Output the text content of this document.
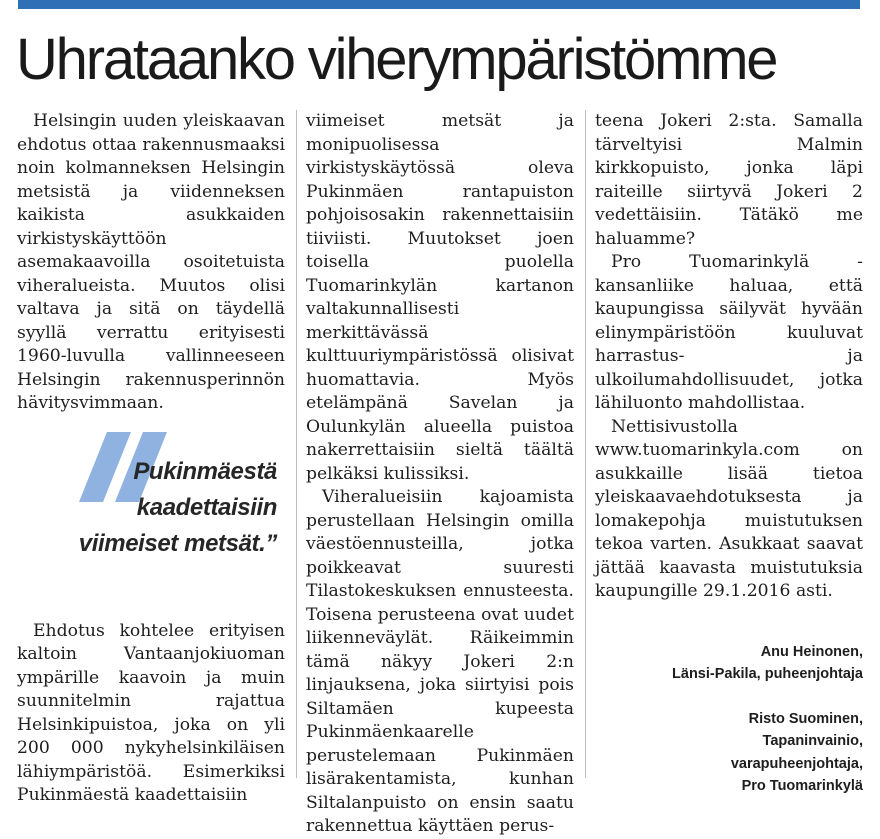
Uhrataanko viherympäristömme

Helsingin uuden yleiskaavan ehdotus ottaa rakennusmaaksi noin kolmanneksen Helsingin metsistä ja viidenneksen kaikista asukkaiden virkistyskäyttöön asemakaavoilla osoitetuista viheralueista. Muutos olisi valtava ja sitä on täydellä syyllä verrattu erityisesti 1960-luvulla vallinneeseen Helsingin rakennusperinnön hävitysvimmaan.

Pukinmäestä
kaadettaisiin
viimeiset metsät.”

Ehdotus kohtelee erityisen kaltoin Vantaanjokiuoman ympärille kaavoin ja muin suunnitelmin rajattua Helsinkipuistoa, joka on yli 200 000 nykyhelsinkiläisen lähiympäristöä. Esimerkiksi Pukinmäestä kaadettaisiin

viimeiset metsät ja monipuolisessa virkistyskäytössä oleva Pukinmäen rantapuiston pohjoisosakin rakennettaisiin tiiviisti. Muutokset joen toisella puolella Tuomarinkylän kartanon valtakunnallisesti merkittävässä kulttuuriympäristössä olisivat huomattavia. Myös etelämpänä Savelan ja Oulunkylän alueella puistoa nakerrettaisiin sieltä täältä pelkäksi kulissiksi.

Viheralueisiin kajoamista perustellaan Helsingin omilla väestöennusteilla, jotka poikkeavat suuresti Tilastokeskuksen ennusteesta. Toisena perusteena ovat uudet liikenneväylät. Räikeimmin tämä näkyy Jokeri 2:n linjauksena, joka siirtyisi pois Siltamäen kupeesta Pukinmäenkaarelle perustelemaan Pukinmäen lisärakentamista, kunhan Siltalanpuisto on ensin saatu rakennettua käyttäen perus-

teena Jokeri 2:sta. Samalla tärveltyisi Malmin kirkkopuisto, jonka läpi raiteille siirtyvä Jokeri 2 vedettäisiin. Tätäkö me haluamme?

Pro Tuomarinkylä -kansanliike haluaa, että kaupungissa säilyvät hyvään elinympäristöön kuuluvat harrastus- ja ulkoilumahdollisuudet, jotka lähiluonto mahdollistaa.

Nettisivustolla www.tuomarinkyla.com on asukkaille lisää tietoa yleiskaavaehdotuksesta ja lomakepohja muistutuksen tekoa varten. Asukkaat saavat jättää kaavasta muistutuksia kaupungille 29.1.2016 asti.

Anu Heinonen,
Länsi-Pakila, puheenjohtaja
Risto Suominen,
Tapaninvainio,
varapuheenjohtaja,
Pro Tuomarinkylä
